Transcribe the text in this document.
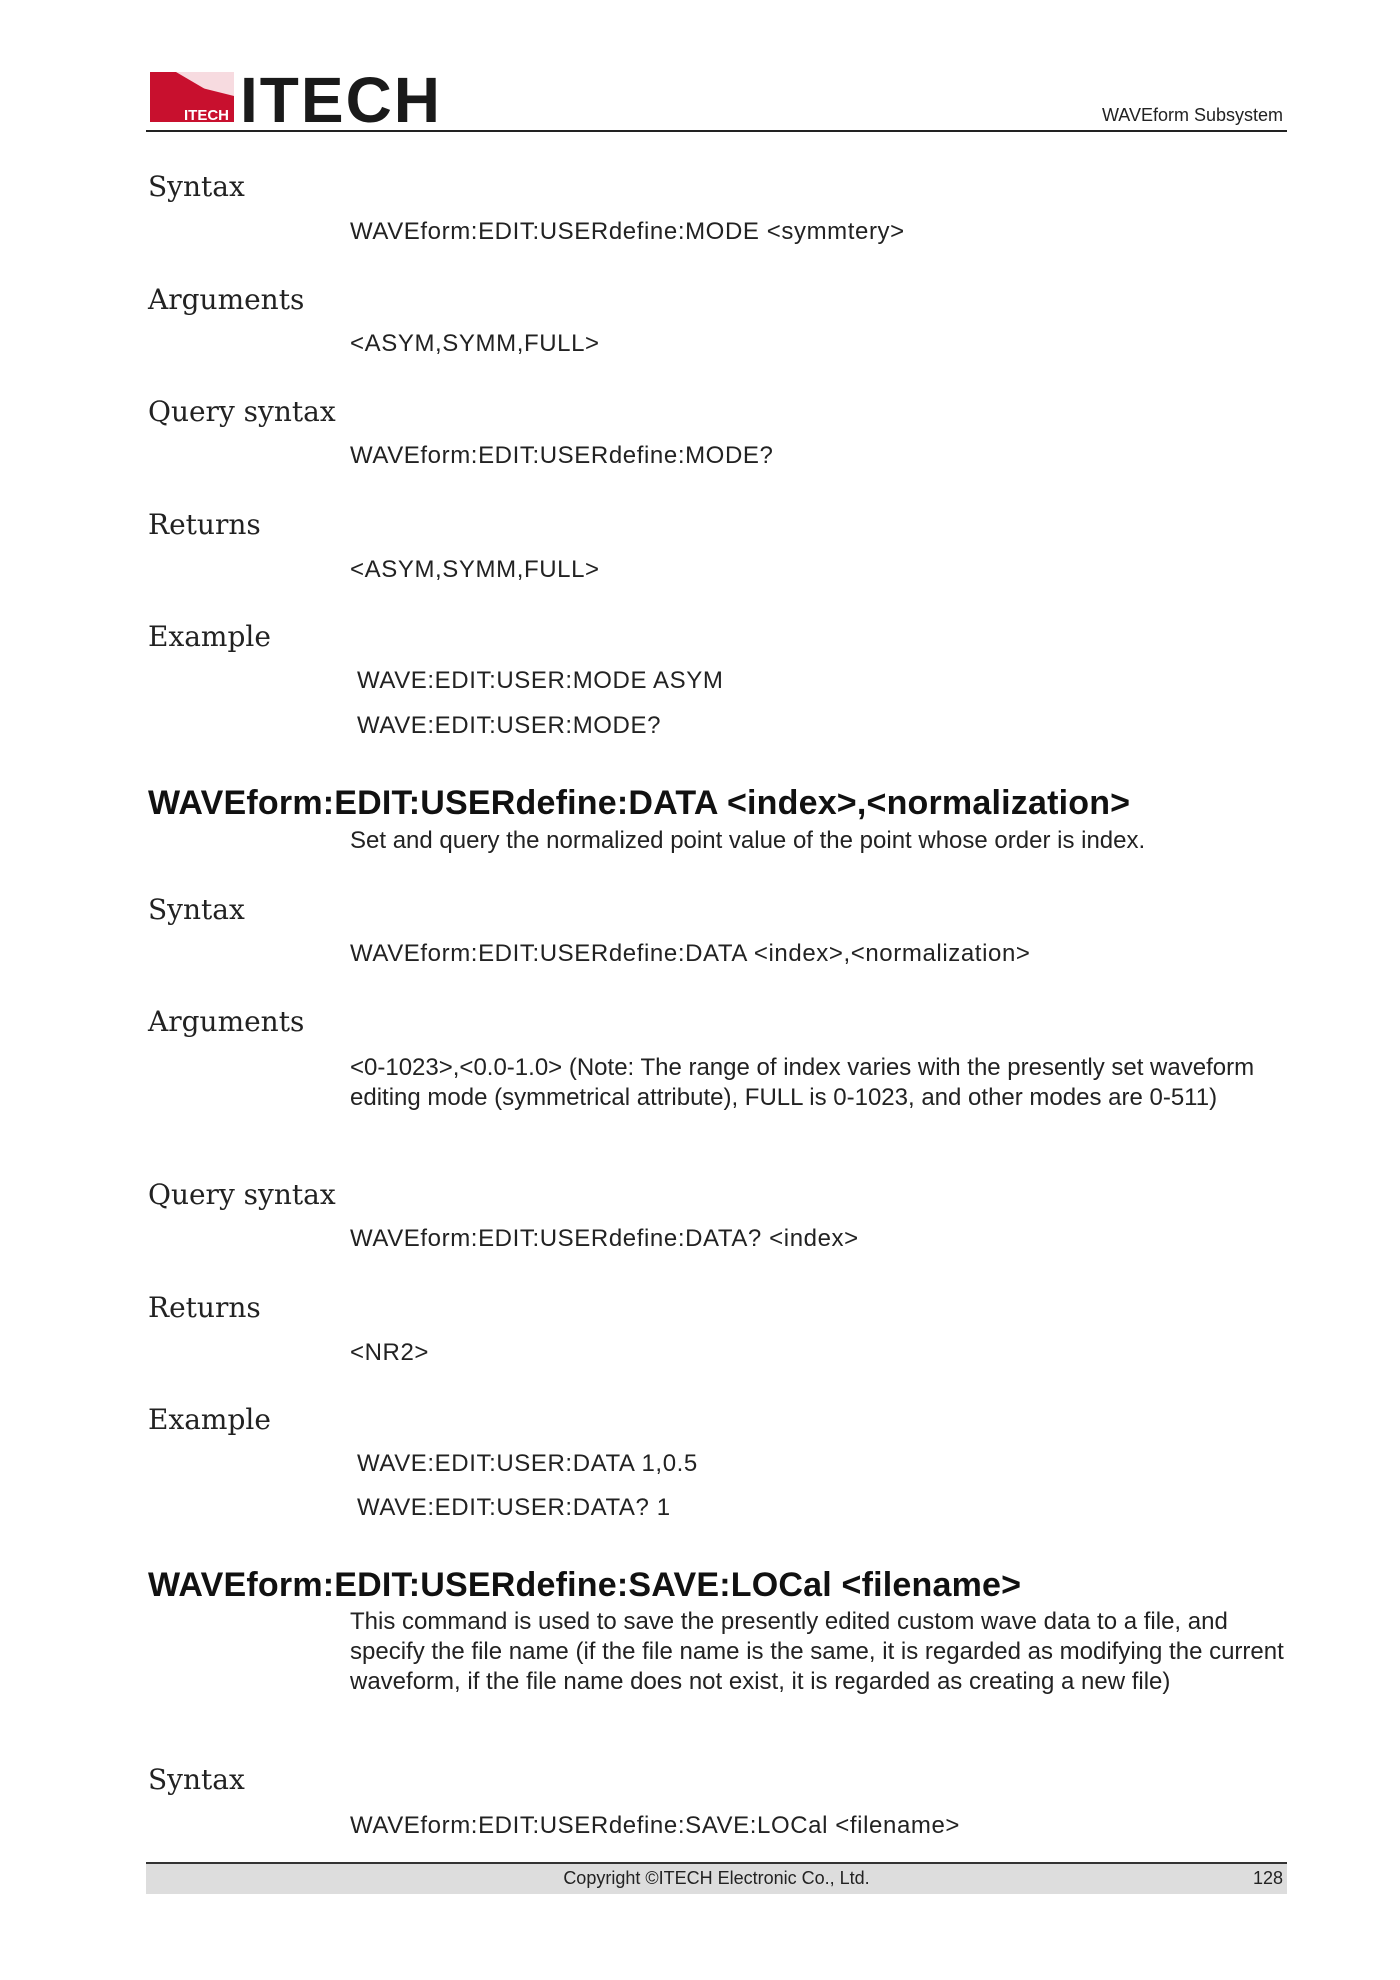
ITECH ITECH	WAVEform Subsystem
Syntax
WAVEform:EDIT:USERdefine:MODE <symmtery>
Arguments
<ASYM,SYMM,FULL>
Query syntax
WAVEform:EDIT:USERdefine:MODE?
Returns
<ASYM,SYMM,FULL>
Example
WAVE:EDIT:USER:MODE ASYM
WAVE:EDIT:USER:MODE?
WAVEform:EDIT:USERdefine:DATA <index>,<normalization>
Set and query the normalized point value of the point whose order is index.
Syntax
WAVEform:EDIT:USERdefine:DATA <index>,<normalization>
Arguments
<0-1023>,<0.0-1.0> (Note: The range of index varies with the presently set waveform editing mode (symmetrical attribute), FULL is 0-1023, and other modes are 0-511)
Query syntax
WAVEform:EDIT:USERdefine:DATA? <index>
Returns
<NR2>
Example
WAVE:EDIT:USER:DATA 1,0.5
WAVE:EDIT:USER:DATA? 1
WAVEform:EDIT:USERdefine:SAVE:LOCal <filename>
This command is used to save the presently edited custom wave data to a file, and specify the file name (if the file name is the same, it is regarded as modifying the current waveform, if the file name does not exist, it is regarded as creating a new file)
Syntax
WAVEform:EDIT:USERdefine:SAVE:LOCal <filename>
Copyright ©ITECH Electronic Co., Ltd.	128
